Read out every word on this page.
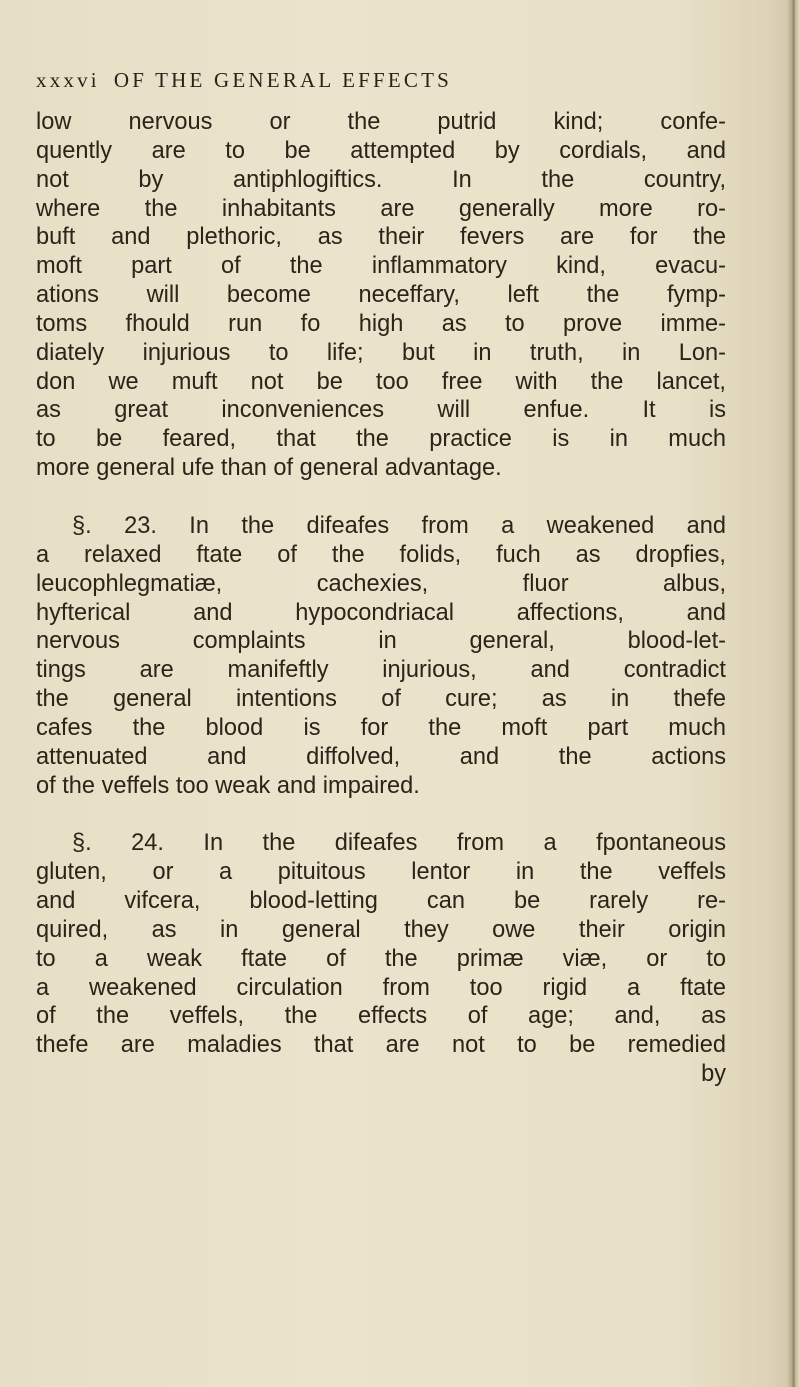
xxxvi OF THE GENERAL EFFECTS
low nervous or the putrid kind; confe-
quently are to be attempted by cordials, and
not by antiphlogiftics. In the country,
where the inhabitants are generally more ro-
buft and plethoric, as their fevers are for the
moft part of the inflammatory kind, evacu-
ations will become neceffary, left the fymp-
toms fhould run fo high as to prove imme-
diately injurious to life; but in truth, in Lon-
don we muft not be too free with the lancet,
as great inconveniences will enfue. It is
to be feared, that the practice is in much
more general ufe than of general advantage.
§. 23. In the difeafes from a weakened and
a relaxed ftate of the folids, fuch as dropfies,
leucophlegmatiæ, cachexies, fluor albus,
hyfterical and hypocondriacal affections, and
nervous complaints in general, blood-let-
tings are manifeftly injurious, and contradict
the general intentions of cure; as in thefe
cafes the blood is for the moft part much
attenuated and diffolved, and the actions
of the veffels too weak and impaired.
§. 24. In the difeafes from a fpontaneous
gluten, or a pituitous lentor in the veffels
and vifcera, blood-letting can be rarely re-
quired, as in general they owe their origin
to a weak ftate of the primæ viæ, or to
a weakened circulation from too rigid a ftate
of the veffels, the effects of age; and, as
thefe are maladies that are not to be remedied
by
